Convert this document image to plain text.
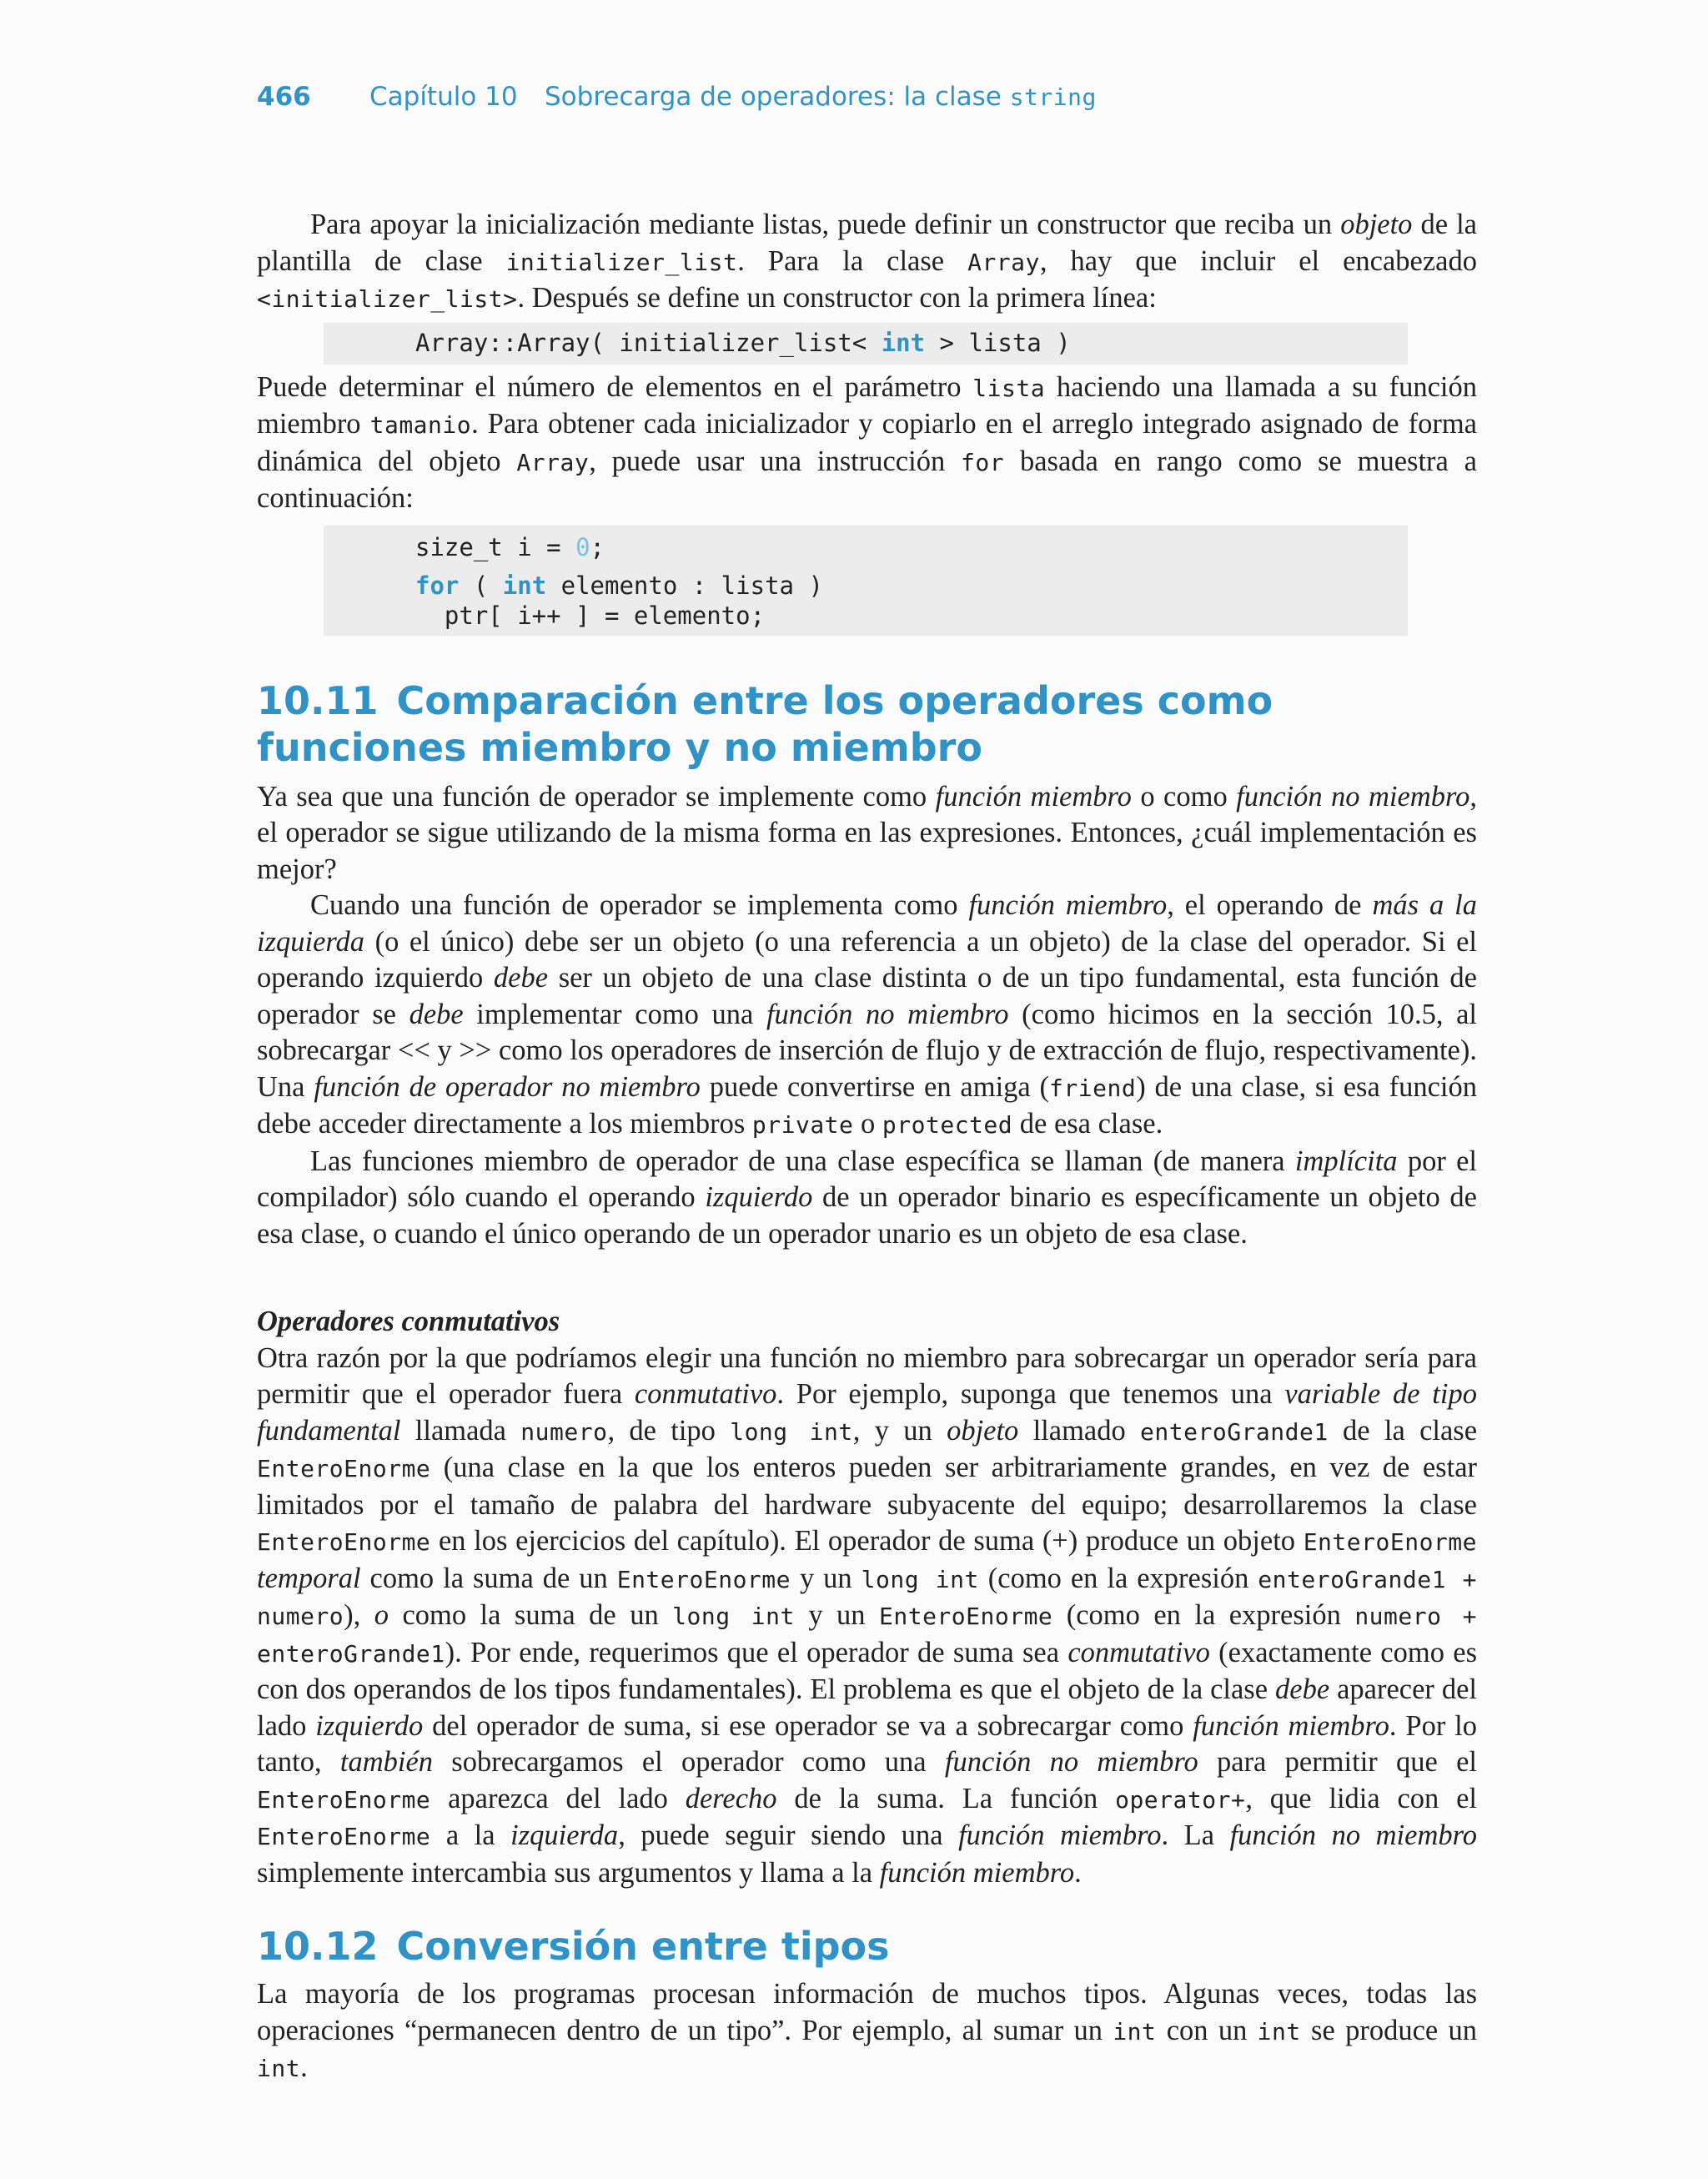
466 Capítulo 10 Sobrecarga de operadores: la clase string

Para apoyar la inicialización mediante listas, puede definir un constructor que reciba un objeto de la plantilla de clase initializer_list. Para la clase Array, hay que incluir el encabezado <initializer_list>. Después se define un constructor con la primera línea:

Array::Array( initializer_list< int > lista )

Puede determinar el número de elementos en el parámetro lista haciendo una llamada a su función miembro tamanio. Para obtener cada inicializador y copiarlo en el arreglo integrado asignado de forma dinámica del objeto Array, puede usar una instrucción for basada en rango como se muestra a continuación:

size_t i = 0;
for ( int elemento : lista )
ptr[ i++ ] = elemento;
10.11 Comparación entre los operadores como funciones miembro y no miembro

Ya sea que una función de operador se implemente como función miembro o como función no miembro, el operador se sigue utilizando de la misma forma en las expresiones. Entonces, ¿cuál implementación es mejor?

Cuando una función de operador se implementa como función miembro, el operando de más a la izquierda (o el único) debe ser un objeto (o una referencia a un objeto) de la clase del operador. Si el operando izquierdo debe ser un objeto de una clase distinta o de un tipo fundamental, esta función de operador se debe implementar como una función no miembro (como hicimos en la sección 10.5, al sobrecargar << y >> como los operadores de inserción de flujo y de extracción de flujo, respectivamente). Una función de operador no miembro puede convertirse en amiga (friend) de una clase, si esa función debe acceder directamente a los miembros private o protected de esa clase.

Las funciones miembro de operador de una clase específica se llaman (de manera implícita por el compilador) sólo cuando el operando izquierdo de un operador binario es específicamente un objeto de esa clase, o cuando el único operando de un operador unario es un objeto de esa clase.

Operadores conmutativos

Otra razón por la que podríamos elegir una función no miembro para sobrecargar un operador sería para permitir que el operador fuera conmutativo. Por ejemplo, suponga que tenemos una variable de tipo fundamental llamada numero, de tipo long int, y un objeto llamado enteroGrande1 de la clase EnteroEnorme (una clase en la que los enteros pueden ser arbitrariamente grandes, en vez de estar limitados por el tamaño de palabra del hardware subyacente del equipo; desarrollaremos la clase EnteroEnorme en los ejercicios del capítulo). El operador de suma (+) produce un objeto EnteroEnorme temporal como la suma de un EnteroEnorme y un long int (como en la expresión enteroGrande1 + numero), o como la suma de un long int y un EnteroEnorme (como en la expresión numero + enteroGrande1). Por ende, requerimos que el operador de suma sea conmutativo (exactamente como es con dos operandos de los tipos fundamentales). El problema es que el objeto de la clase debe aparecer del lado izquierdo del operador de suma, si ese operador se va a sobrecargar como función miembro. Por lo tanto, también sobrecargamos el operador como una función no miembro para permitir que el EnteroEnorme aparezca del lado derecho de la suma. La función operator+, que lidia con el EnteroEnorme a la izquierda, puede seguir siendo una función miembro. La función no miembro simplemente intercambia sus argumentos y llama a la función miembro.

10.12 Conversión entre tipos

La mayoría de los programas procesan información de muchos tipos. Algunas veces, todas las operaciones “permanecen dentro de un tipo”. Por ejemplo, al sumar un int con un int se produce un int.
